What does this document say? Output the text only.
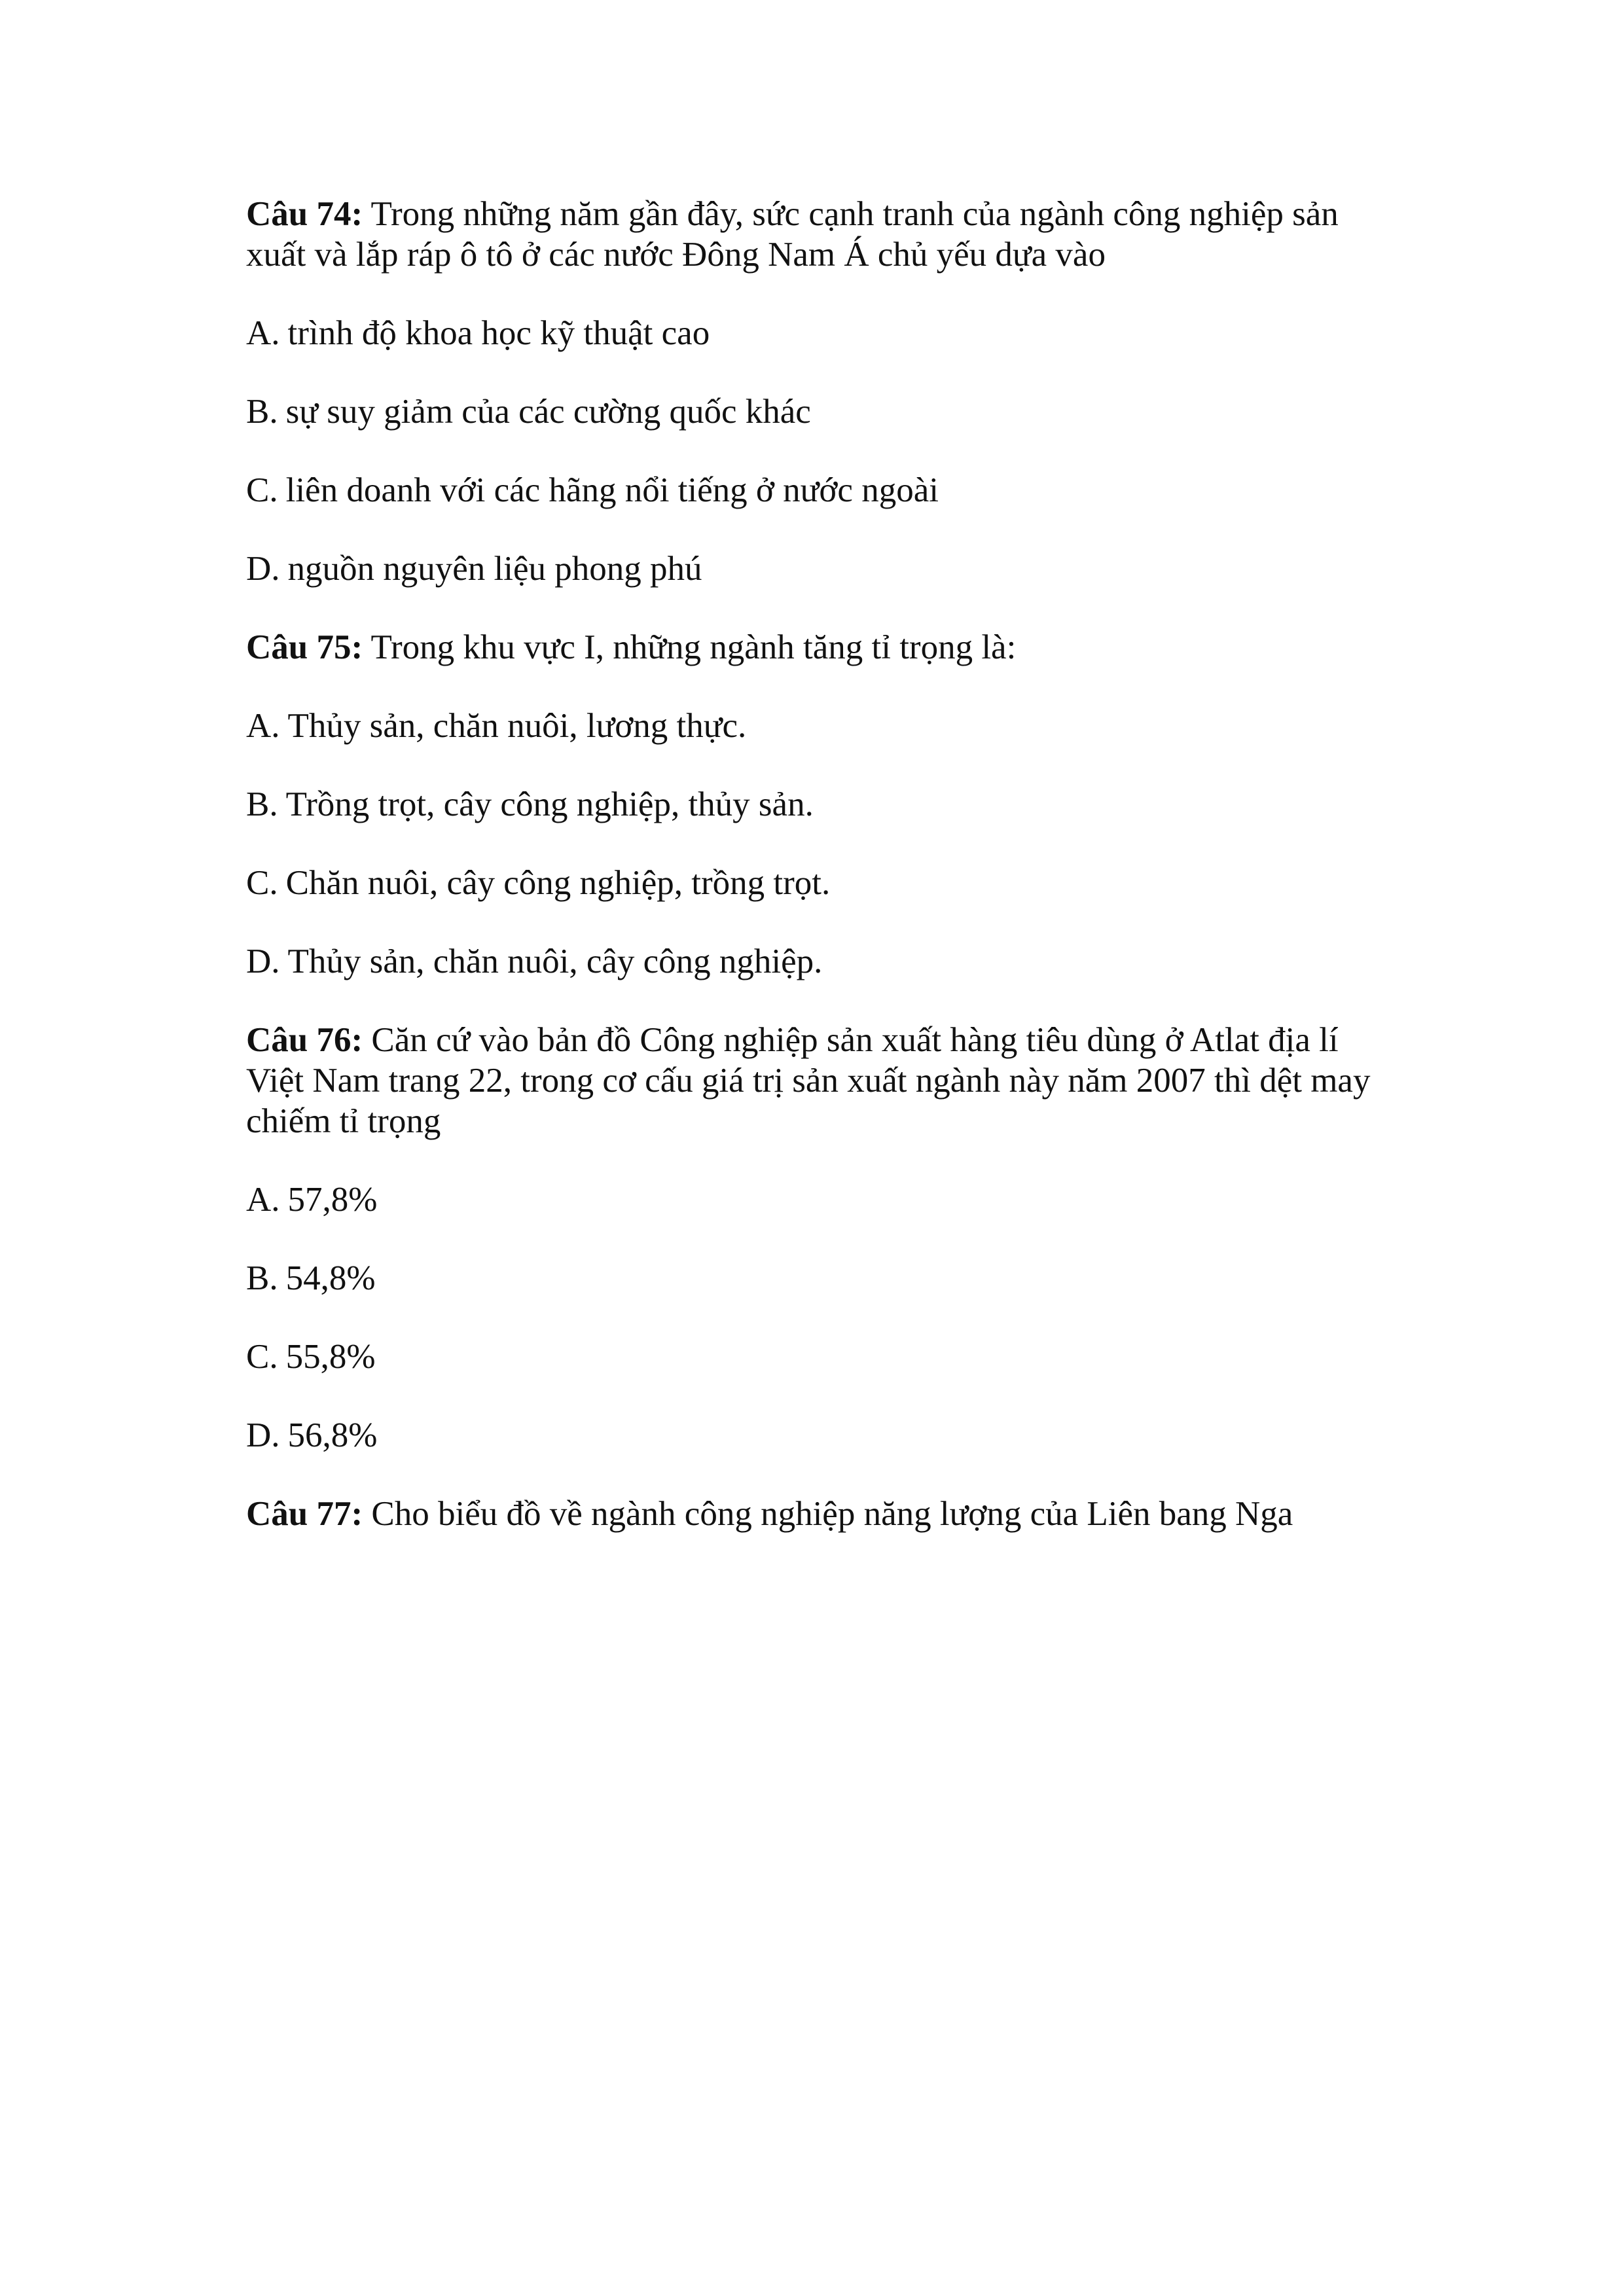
Câu 74: Trong những năm gần đây, sức cạnh tranh của ngành công nghiệp sản xuất và lắp ráp ô tô ở các nước Đông Nam Á chủ yếu dựa vào
A. trình độ khoa học kỹ thuật cao
B. sự suy giảm của các cường quốc khác
C. liên doanh với các hãng nổi tiếng ở nước ngoài
D. nguồn nguyên liệu phong phú
Câu 75: Trong khu vực I, những ngành tăng tỉ trọng là:
A. Thủy sản, chăn nuôi, lương thực.
B. Trồng trọt, cây công nghiệp, thủy sản.
C. Chăn nuôi, cây công nghiệp, trồng trọt.
D. Thủy sản, chăn nuôi, cây công nghiệp.
Câu 76: Căn cứ vào bản đồ Công nghiệp sản xuất hàng tiêu dùng ở Atlat địa lí Việt Nam trang 22, trong cơ cấu giá trị sản xuất ngành này năm 2007 thì dệt may chiếm tỉ trọng
A. 57,8%
B. 54,8%
C. 55,8%
D. 56,8%
Câu 77: Cho biểu đồ về ngành công nghiệp năng lượng của Liên bang Nga
